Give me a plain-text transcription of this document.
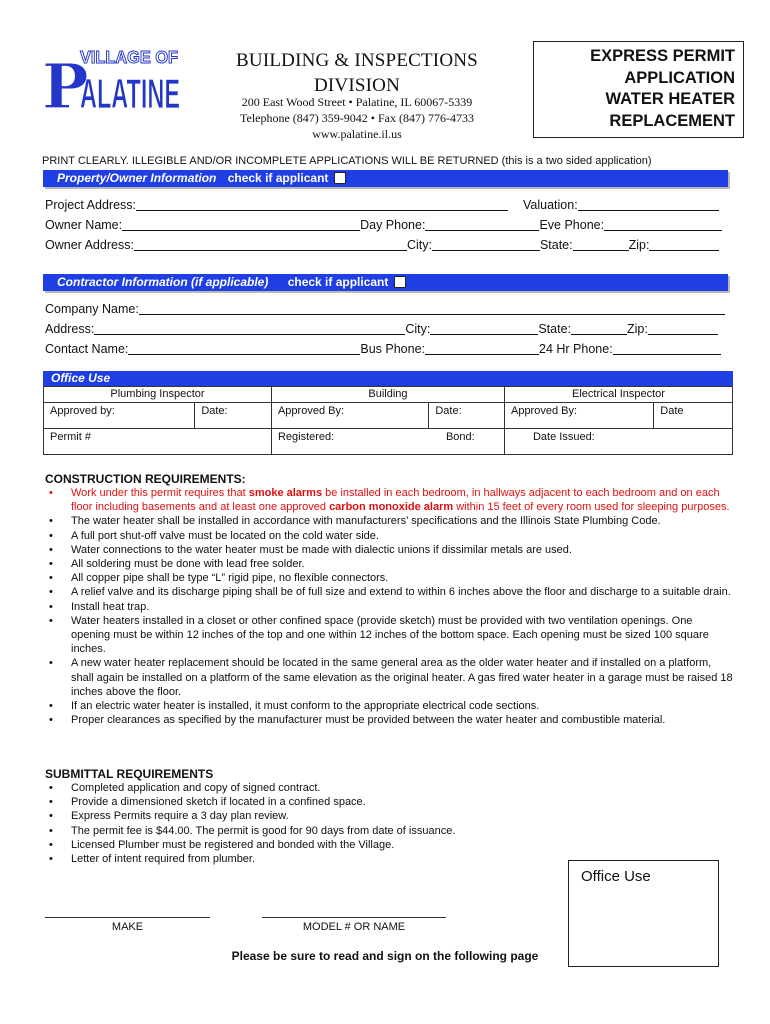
P
VILLAGE OF
ALATINE
BUILDING & INSPECTIONS
DIVISION
200 East Wood Street • Palatine, IL 60067-5339
Telephone (847) 359-9042 • Fax (847) 776-4733
www.palatine.il.us
EXPRESS PERMIT
APPLICATION
WATER HEATER
REPLACEMENT
PRINT CLEARLY. ILLEGIBLE AND/OR INCOMPLETE APPLICATIONS WILL BE RETURNED (this is a two sided application)
Property/Owner Information check if applicant
Project Address:	Valuation:
Owner Name:	Day Phone:	Eve Phone:
Owner Address:	City:	State:	Zip:
Contractor Information (if applicable) check if applicant
Company Name:
Address:	City:	State:	Zip:
Contact Name:	Bus Phone:	24 Hr Phone:
Office Use
Plumbing Inspector		Building		Electrical Inspector	
Approved by:	Date:	Approved By:	Date:	Approved By:	Date
Permit #		Registered: Bond:		Date Issued:	
CONSTRUCTION REQUIREMENTS:
• Work under this permit requires that smoke alarms be installed in each bedroom, in hallways adjacent to each bedroom and on each floor including basements and at least one approved carbon monoxide alarm within 15 feet of every room used for sleeping purposes.
• The water heater shall be installed in accordance with manufacturers’ specifications and the Illinois State Plumbing Code.
• A full port shut-off valve must be located on the cold water side.
• Water connections to the water heater must be made with dialectic unions if dissimilar metals are used.
• All soldering must be done with lead free solder.
• All copper pipe shall be type “L” rigid pipe, no flexible connectors.
• A relief valve and its discharge piping shall be of full size and extend to within 6 inches above the floor and discharge to a suitable drain.
• Install heat trap.
• Water heaters installed in a closet or other confined space (provide sketch) must be provided with two ventilation openings. One opening must be within 12 inches of the top and one within 12 inches of the bottom space. Each opening must be sized 100 square inches.
• A new water heater replacement should be located in the same general area as the older water heater and if installed on a platform, shall again be installed on a platform of the same elevation as the original heater. A gas fired water heater in a garage must be raised 18 inches above the floor.
• If an electric water heater is installed, it must conform to the appropriate electrical code sections.
• Proper clearances as specified by the manufacturer must be provided between the water heater and combustible material.
SUBMITTAL REQUIREMENTS
• Completed application and copy of signed contract.
• Provide a dimensioned sketch if located in a confined space.
• Express Permits require a 3 day plan review.
• The permit fee is $44.00. The permit is good for 90 days from date of issuance.
• Licensed Plumber must be registered and bonded with the Village.
• Letter of intent required from plumber.
Office Use
MAKE	MODEL # OR NAME
Please be sure to read and sign on the following page
